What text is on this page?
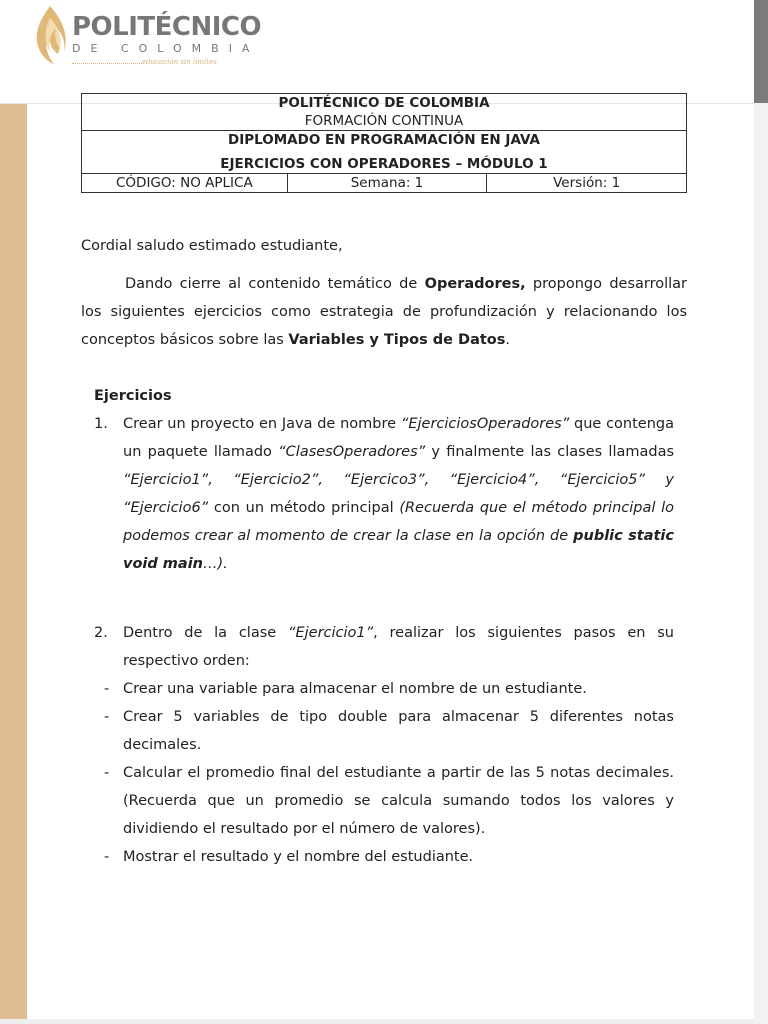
POLITÉCNICO
DE COLOMBIA
educación sin límites
POLITÉCNICO DE COLOMBIA
FORMACIÓN CONTINUA

DIPLOMADO EN PROGRAMACIÓN EN JAVA
EJERCICIOS CON OPERADORES – MÓDULO 1

CÓDIGO: NO APLICA	Semana: 1	Versión: 1
Cordial saludo estimado estudiante,
Dando cierre al contenido temático de Operadores, propongo desarrollar los siguientes ejercicios como estrategia de profundización y relacionando los conceptos básicos sobre las Variables y Tipos de Datos.
Ejercicios
1. Crear un proyecto en Java de nombre “EjerciciosOperadores” que contenga un paquete llamado “ClasesOperadores” y finalmente las clases llamadas “Ejercicio1”, “Ejercicio2”, “Ejercico3”, “Ejercicio4”, “Ejercicio5” y “Ejercicio6” con un método principal (Recuerda que el método principal lo podemos crear al momento de crear la clase en la opción de public static void main…).
2. Dentro de la clase “Ejercicio1”, realizar los siguientes pasos en su respectivo orden:
- Crear una variable para almacenar el nombre de un estudiante.
- Crear 5 variables de tipo double para almacenar 5 diferentes notas decimales.
- Calcular el promedio final del estudiante a partir de las 5 notas decimales. (Recuerda que un promedio se calcula sumando todos los valores y dividiendo el resultado por el número de valores).
- Mostrar el resultado y el nombre del estudiante.
